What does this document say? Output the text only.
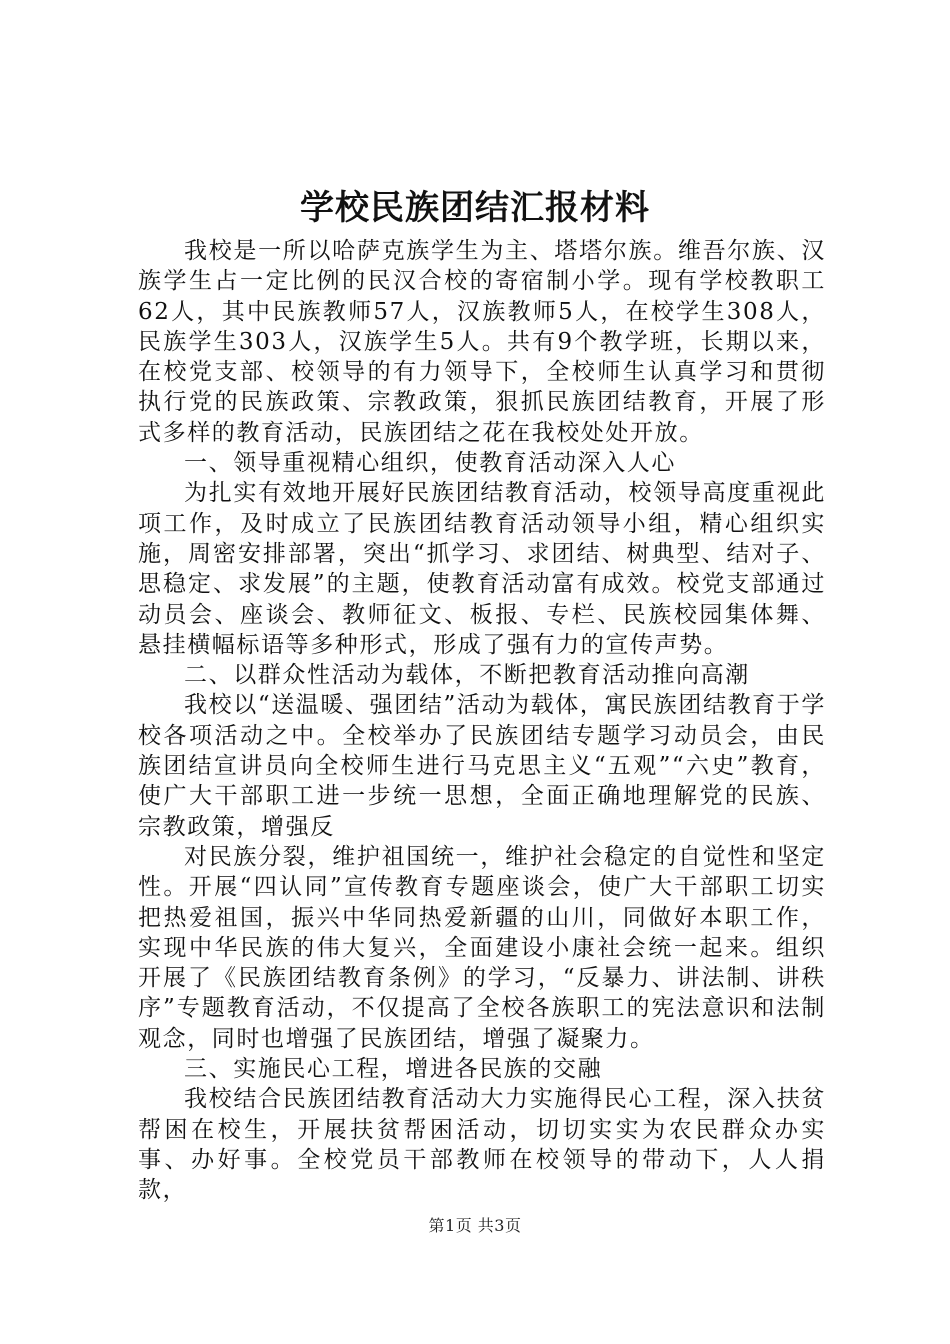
学校民族团结汇报材料

我校是一所以哈萨克族学生为主、塔塔尔族。维吾尔族、汉族学生占一定比例的民汉合校的寄宿制小学。现有学校教职工62人，其中民族教师57人，汉族教师5人，在校学生308人，民族学生303人，汉族学生5人。共有9个教学班，长期以来，在校党支部、校领导的有力领导下，全校师生认真学习和贯彻执行党的民族政策、宗教政策，狠抓民族团结教育，开展了形式多样的教育活动，民族团结之花在我校处处开放。

一、领导重视精心组织，使教育活动深入人心

为扎实有效地开展好民族团结教育活动，校领导高度重视此项工作，及时成立了民族团结教育活动领导小组，精心组织实施，周密安排部署，突出“抓学习、求团结、树典型、结对子、思稳定、求发展”的主题，使教育活动富有成效。校党支部通过动员会、座谈会、教师征文、板报、专栏、民族校园集体舞、悬挂横幅标语等多种形式，形成了强有力的宣传声势。

二、以群众性活动为载体，不断把教育活动推向高潮

我校以“送温暖、强团结”活动为载体，寓民族团结教育于学校各项活动之中。全校举办了民族团结专题学习动员会，由民族团结宣讲员向全校师生进行马克思主义“五观”“六史”教育，使广大干部职工进一步统一思想，全面正确地理解党的民族、宗教政策，增强反

对民族分裂，维护祖国统一，维护社会稳定的自觉性和坚定性。开展“四认同”宣传教育专题座谈会，使广大干部职工切实把热爱祖国，振兴中华同热爱新疆的山川，同做好本职工作，实现中华民族的伟大复兴，全面建设小康社会统一起来。组织开展了《民族团结教育条例》的学习，“反暴力、讲法制、讲秩序”专题教育活动，不仅提高了全校各族职工的宪法意识和法制观念，同时也增强了民族团结，增强了凝聚力。

三、实施民心工程，增进各民族的交融

我校结合民族团结教育活动大力实施得民心工程，深入扶贫帮困在校生，开展扶贫帮困活动，切切实实为农民群众办实事、办好事。全校党员干部教师在校领导的带动下，人人捐款，

第1页 共3页
